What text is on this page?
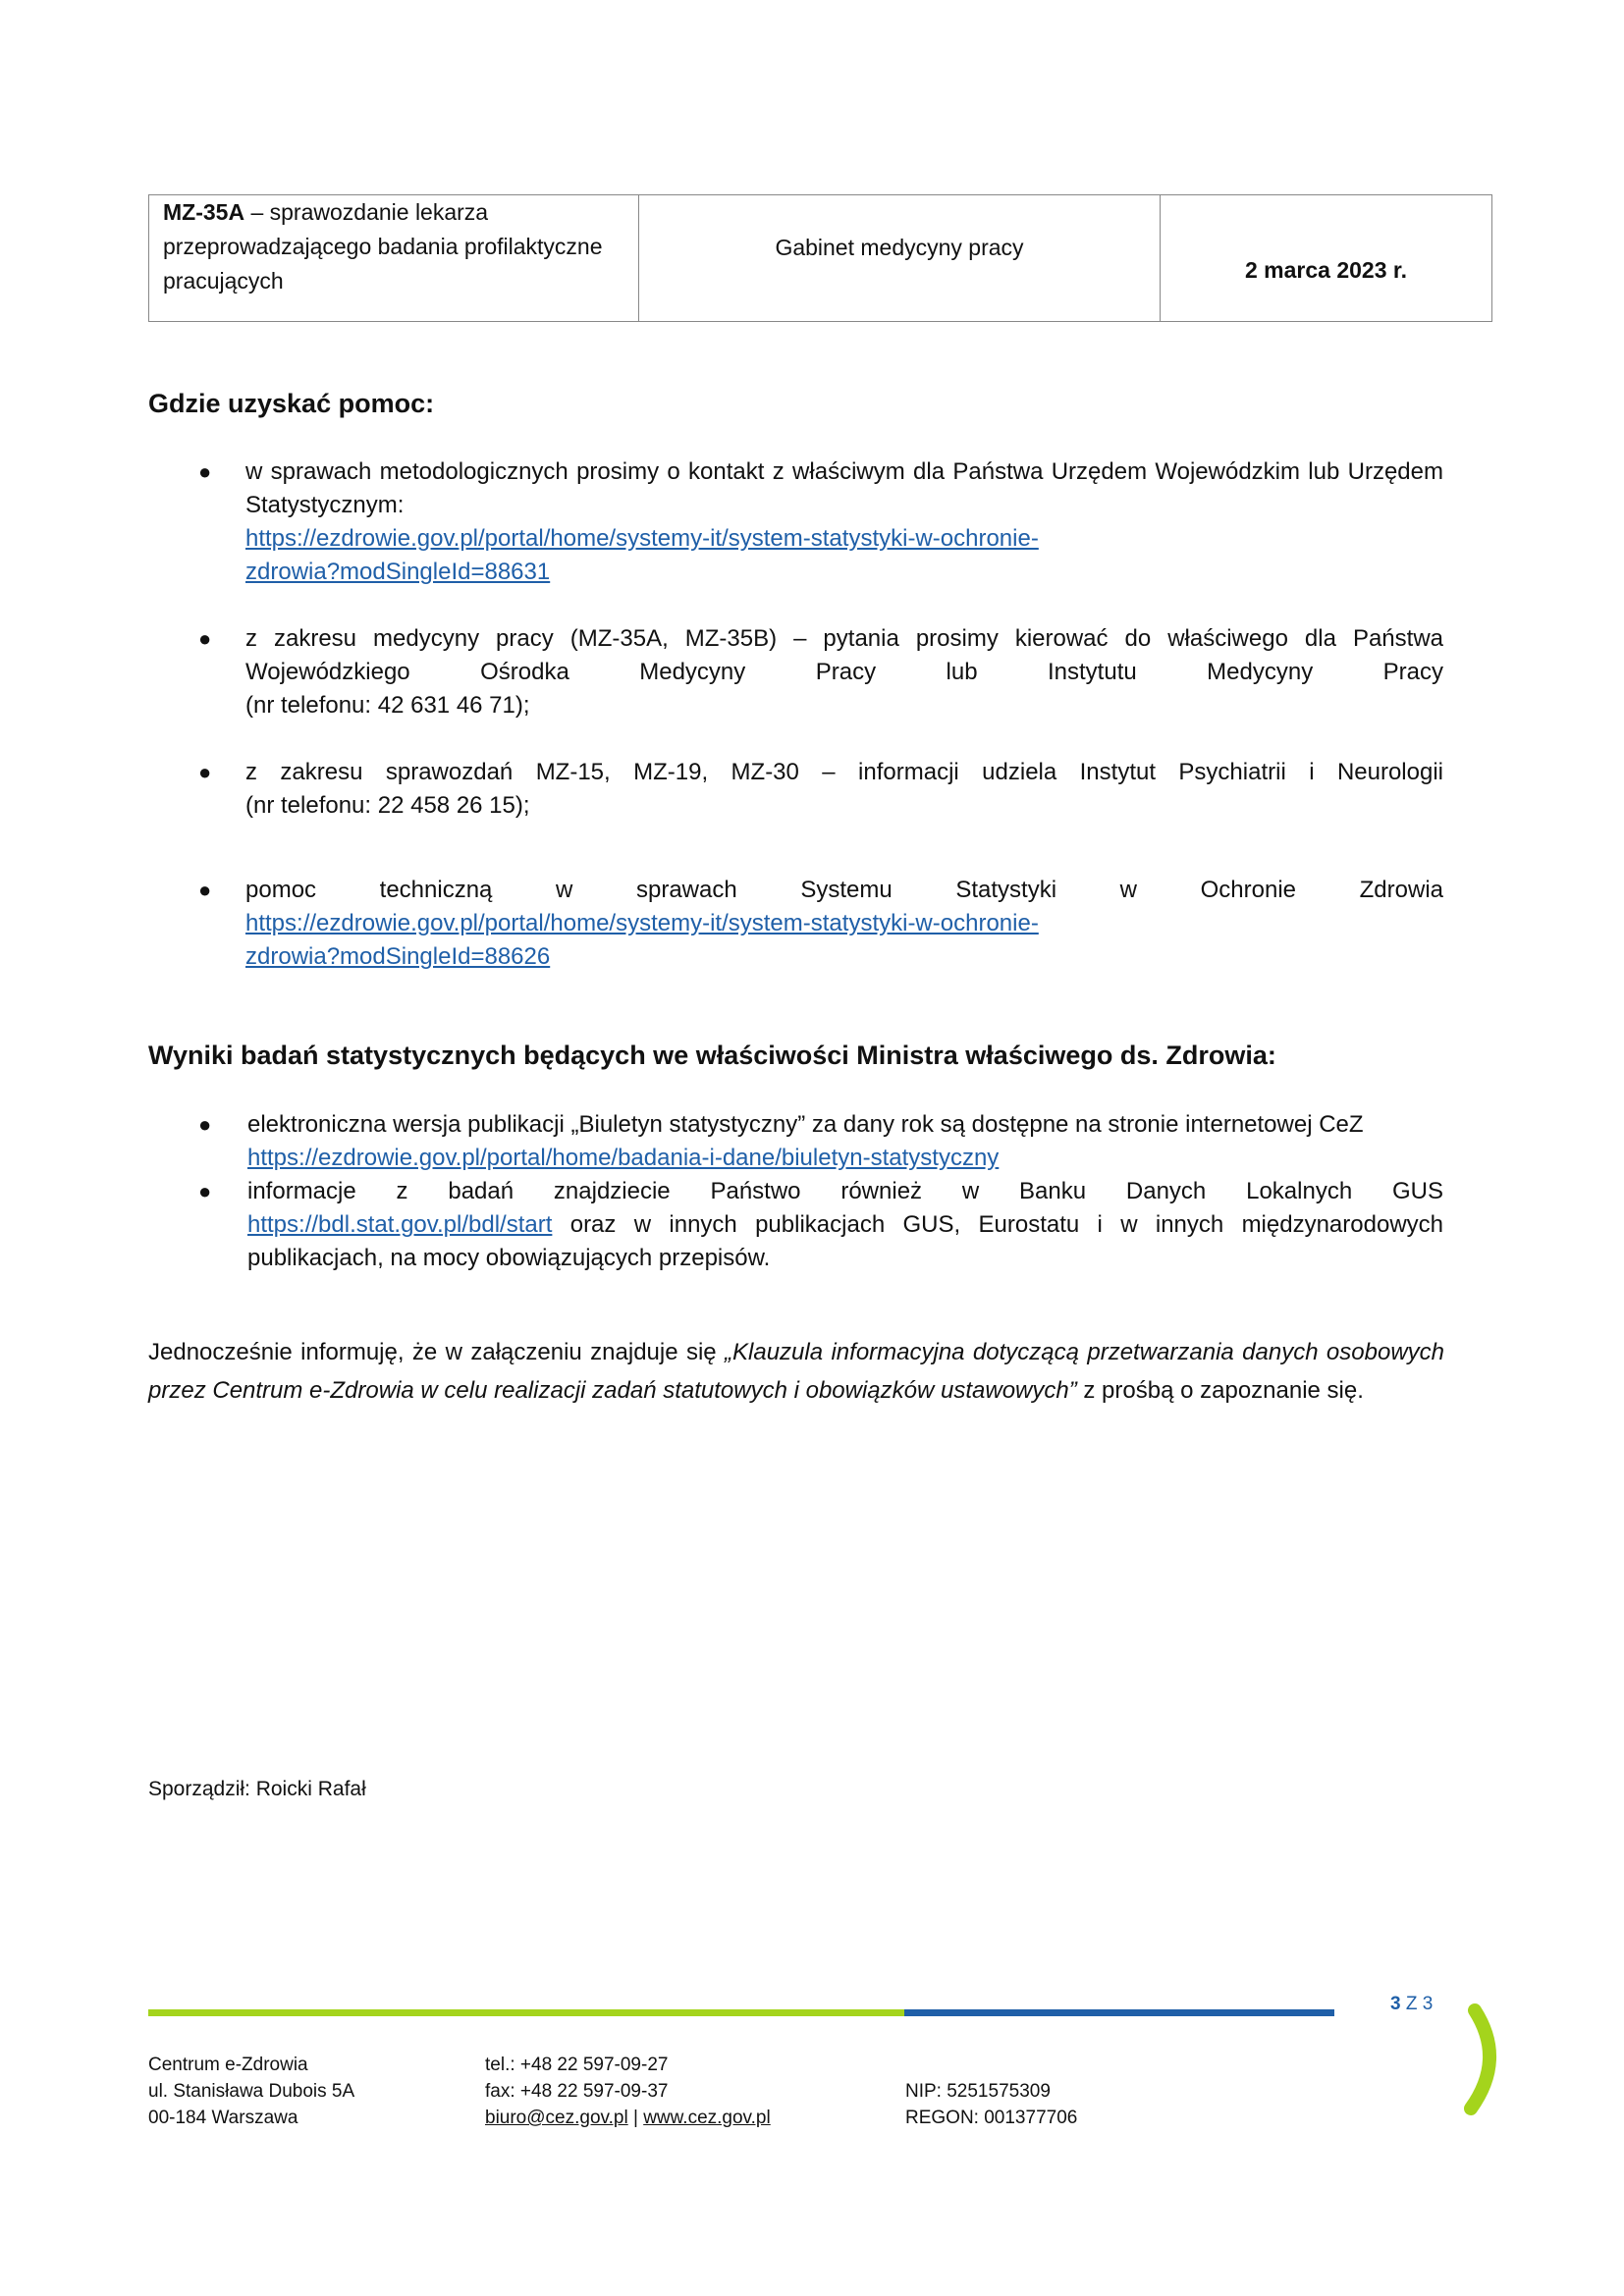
MZ-35A – sprawozdanie lekarza
przeprowadzającego badania profilaktyczne
pracujących	Gabinet medycyny pracy	2 marca 2023 r.
Gdzie uzyskać pomoc:
● w sprawach metodologicznych prosimy o kontakt z właściwym dla Państwa Urzędem Wojewódzkim lub Urzędem Statystycznym:
https://ezdrowie.gov.pl/portal/home/systemy-it/system-statystyki-w-ochronie-
zdrowia?modSingleId=88631
● z zakresu medycyny pracy (MZ-35A, MZ-35B) – pytania prosimy kierować do właściwego dla Państwa
Wojewódzkiego Ośrodka Medycyny Pracy lub Instytutu Medycyny Pracy
(nr telefonu: 42 631 46 71);
● z zakresu sprawozdań MZ-15, MZ-19, MZ-30 – informacji udziela Instytut Psychiatrii i Neurologii
(nr telefonu: 22 458 26 15);
● pomoc techniczną w sprawach Systemu Statystyki w Ochronie Zdrowia
https://ezdrowie.gov.pl/portal/home/systemy-it/system-statystyki-w-ochronie-
zdrowia?modSingleId=88626
Wyniki badań statystycznych będących we właściwości Ministra właściwego ds. Zdrowia:
● elektroniczna wersja publikacji „Biuletyn statystyczny” za dany rok są dostępne na stronie internetowej CeZ
https://ezdrowie.gov.pl/portal/home/badania-i-dane/biuletyn-statystyczny
● informacje z badań znajdziecie Państwo również w Banku Danych Lokalnych GUS
https://bdl.stat.gov.pl/bdl/start oraz w innych publikacjach GUS, Eurostatu i w innych międzynarodowych
publikacjach, na mocy obowiązujących przepisów.

Jednocześnie informuję, że w załączeniu znajduje się „Klauzula informacyjna dotyczącą przetwarzania danych osobowych przez Centrum e-Zdrowia w celu realizacji zadań statutowych i obowiązków ustawowych” z prośbą o zapoznanie się.

Sporządził: Roicki Rafał

3 Z 3
Centrum e-Zdrowia
ul. Stanisława Dubois 5A
00-184 Warszawa
tel.: +48 22 597-09-27
fax: +48 22 597-09-37
biuro@cez.gov.pl | www.cez.gov.pl
NIP: 5251575309
REGON: 001377706
